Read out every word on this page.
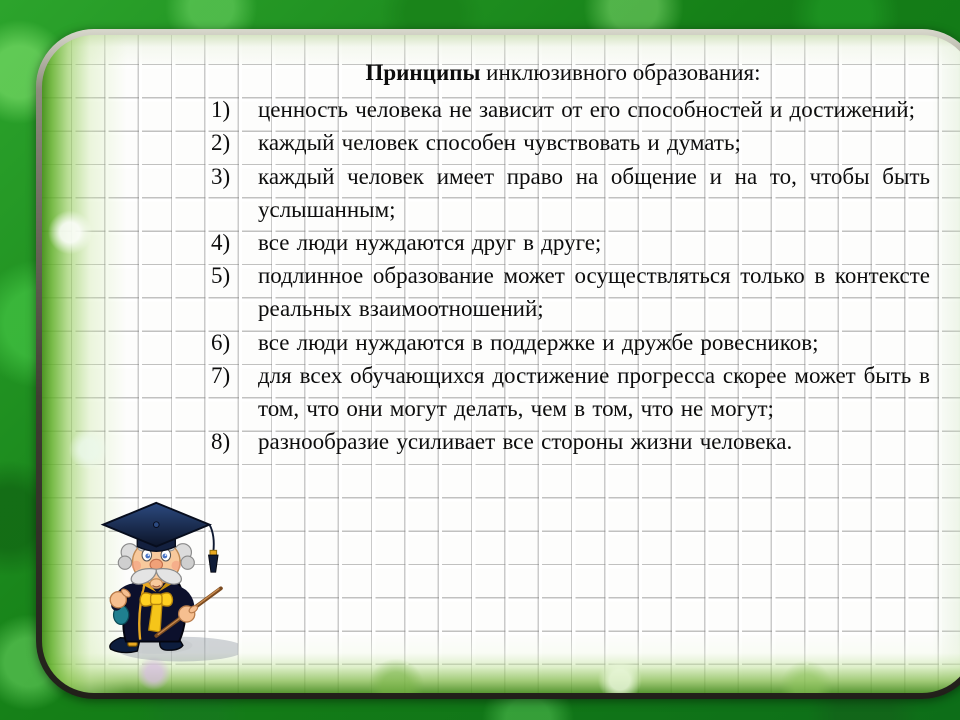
Принципы инклюзивного образования:
1)	ценность человека не зависит от его способностей и достижений;
2)	каждый человек способен чувствовать и думать;
3)	каждый человек имеет право на общение и на то, чтобы быть услышанным;
4)	все люди нуждаются друг в друге;
5)	подлинное образование может осуществляться только в контексте реальных взаимоотношений;
6)	все люди нуждаются в поддержке и дружбе ровесников;
7)	для всех обучающихся достижение прогресса скорее может быть в том, что они могут делать, чем в том, что не могут;
8)	разнообразие усиливает все стороны жизни человека.
